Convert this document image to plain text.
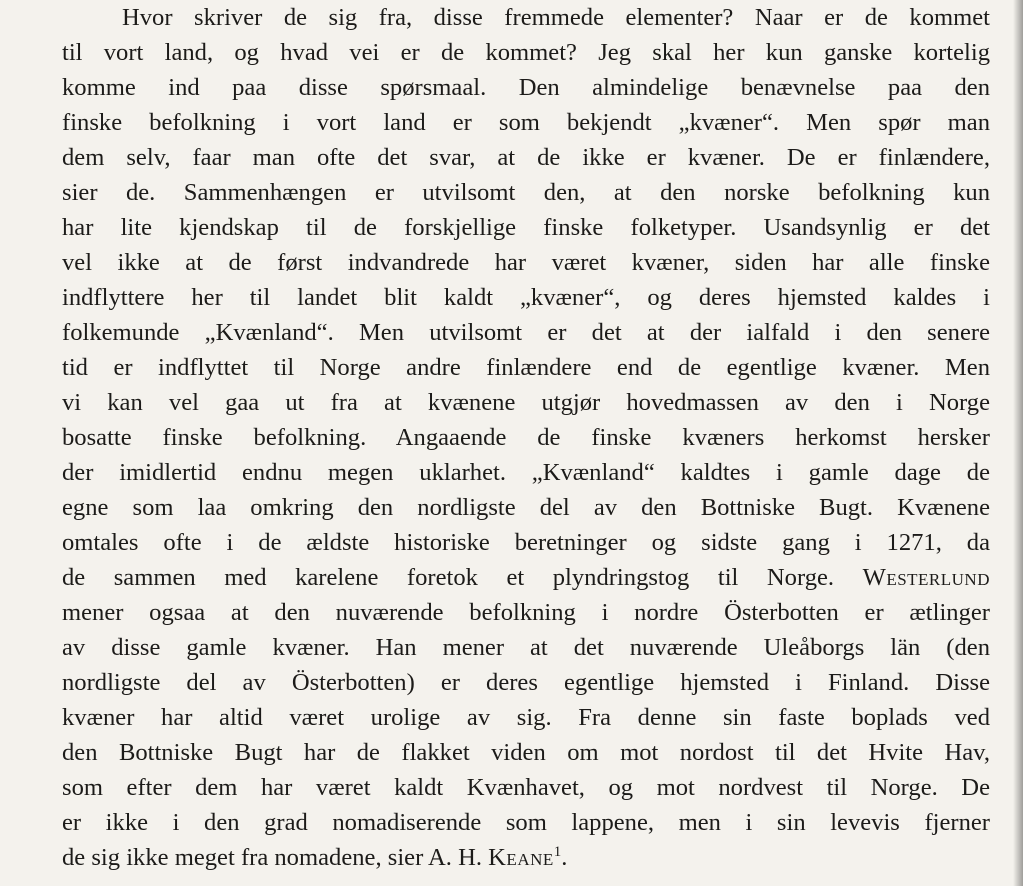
Hvor skriver de sig fra, disse fremmede elementer? Naar er de kommet
til vort land, og hvad vei er de kommet? Jeg skal her kun ganske kortelig
komme ind paa disse spørsmaal. Den almindelige benævnelse paa den
finske befolkning i vort land er som bekjendt „kvæner“. Men spør man
dem selv, faar man ofte det svar, at de ikke er kvæner. De er finlændere,
sier de. Sammenhængen er utvilsomt den, at den norske befolkning kun
har lite kjendskap til de forskjellige finske folketyper. Usandsynlig er det
vel ikke at de først indvandrede har været kvæner, siden har alle finske
indflyttere her til landet blit kaldt „kvæner“, og deres hjemsted kaldes i
folkemunde „Kvænland“. Men utvilsomt er det at der ialfald i den senere
tid er indflyttet til Norge andre finlændere end de egentlige kvæner. Men
vi kan vel gaa ut fra at kvænene utgjør hovedmassen av den i Norge
bosatte finske befolkning. Angaaende de finske kvæners herkomst hersker
der imidlertid endnu megen uklarhet. „Kvænland“ kaldtes i gamle dage de
egne som laa omkring den nordligste del av den Bottniske Bugt. Kvænene
omtales ofte i de ældste historiske beretninger og sidste gang i 1271, da
de sammen med karelene foretok et plyndringstog til Norge. Westerlund
mener ogsaa at den nuværende befolkning i nordre Österbotten er ætlinger
av disse gamle kvæner. Han mener at det nuværende Uleåborgs län (den
nordligste del av Österbotten) er deres egentlige hjemsted i Finland. Disse
kvæner har altid været urolige av sig. Fra denne sin faste boplads ved
den Bottniske Bugt har de flakket viden om mot nordost til det Hvite Hav,
som efter dem har været kaldt Kvænhavet, og mot nordvest til Norge. De
er ikke i den grad nomadiserende som lappene, men i sin levevis fjerner
de sig ikke meget fra nomadene, sier A. H. Keane$^1$.
